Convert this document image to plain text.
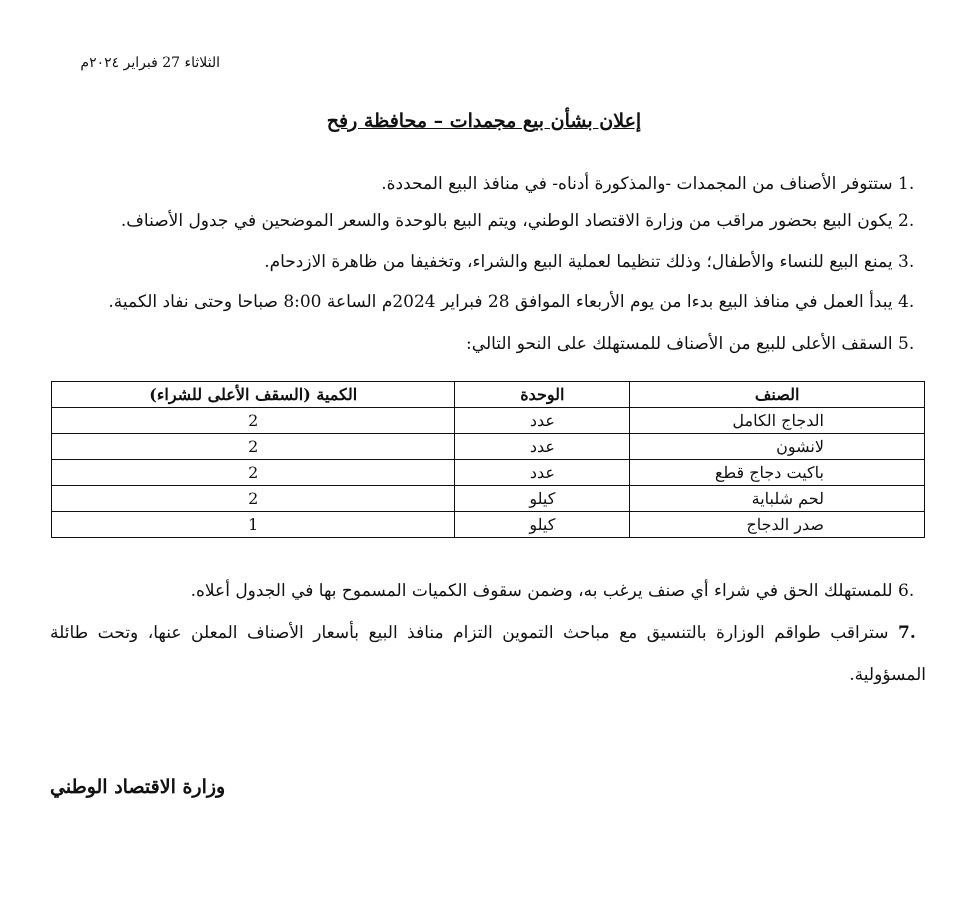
الثلاثاء 27 فبراير ٢٠٢٤م
إعلان بشأن بيع مجمدات – محافظة رفح
1. ستتوفر الأصناف من المجمدات -والمذكورة أدناه- في منافذ البيع المحددة.
2. يكون البيع بحضور مراقب من وزارة الاقتصاد الوطني، ويتم البيع بالوحدة والسعر الموضحين في جدول الأصناف.
3. يمنع البيع للنساء والأطفال؛ وذلك تنظيما لعملية البيع والشراء، وتخفيفا من ظاهرة الازدحام.
4. يبدأ العمل في منافذ البيع بدءا من يوم الأربعاء الموافق 28 فبراير 2024م الساعة 8:00 صباحا وحتى نفاد الكمية.
5. السقف الأعلى للبيع من الأصناف للمستهلك على النحو التالي:
الصنف	الوحدة	الكمية (السقف الأعلى للشراء)
الدجاج الكامل	عدد	2
لانشون	عدد	2
باكيت دجاج قطع	عدد	2
لحم شلباية	كيلو	2
صدر الدجاج	كيلو	1
6. للمستهلك الحق في شراء أي صنف يرغب به، وضمن سقوف الكميات المسموح بها في الجدول أعلاه.
7. ستراقب طواقم الوزارة بالتنسيق مع مباحث التموين التزام منافذ البيع بأسعار الأصناف المعلن عنها، وتحت طائلة المسؤولية.
وزارة الاقتصاد الوطني
